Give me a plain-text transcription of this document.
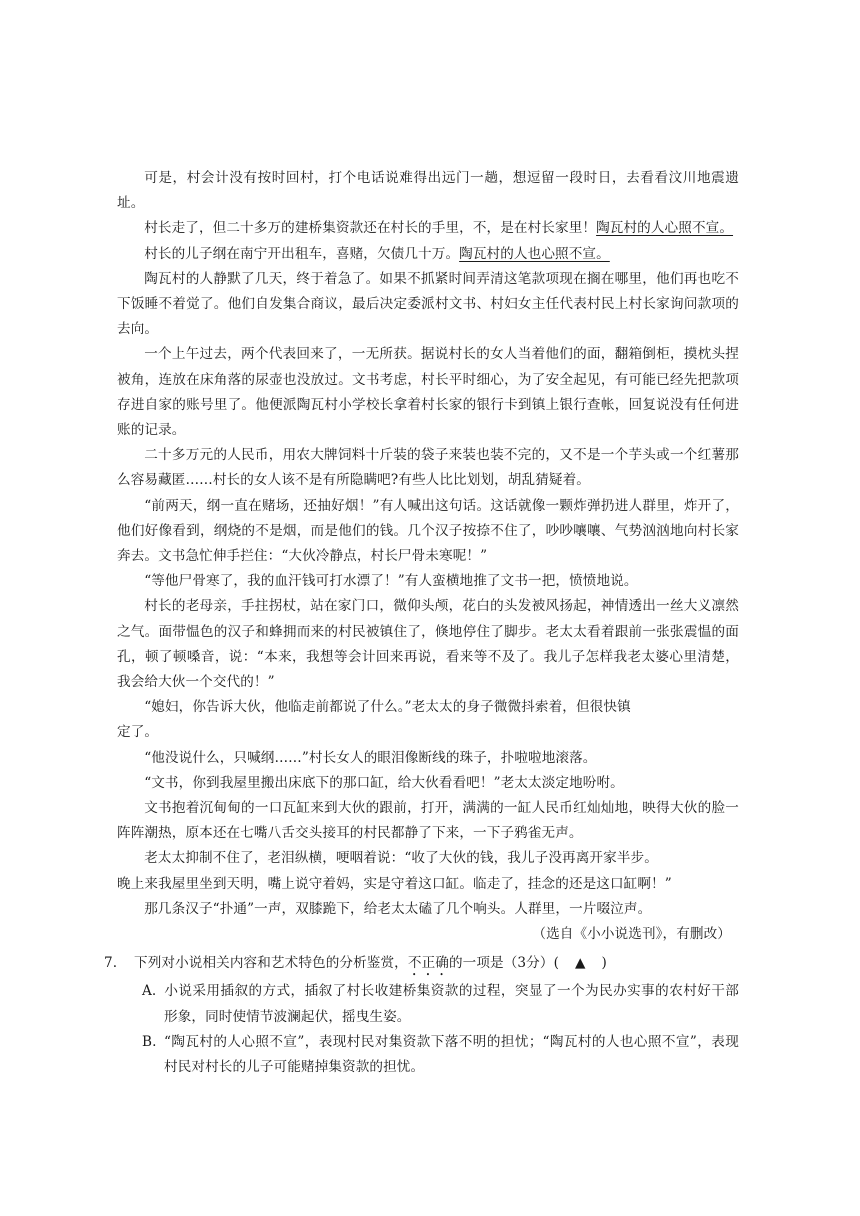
可是，村会计没有按时回村，打个电话说难得出远门一趟，想逗留一段时日，去看看汶川地震遗址。

村长走了，但二十多万的建桥集资款还在村长的手里，不，是在村长家里！陶瓦村的人心照不宣。

村长的儿子纲在南宁开出租车，喜赌，欠债几十万。陶瓦村的人也心照不宣。

陶瓦村的人静默了几天，终于着急了。如果不抓紧时间弄清这笔款项现在搁在哪里，他们再也吃不下饭睡不着觉了。他们自发集合商议，最后决定委派村文书、村妇女主任代表村民上村长家询问款项的去向。

一个上午过去，两个代表回来了，一无所获。据说村长的女人当着他们的面，翻箱倒柜，摸枕头捏被角，连放在床角落的尿壶也没放过。文书考虑，村长平时细心，为了安全起见，有可能已经先把款项存进自家的账号里了。他便派陶瓦村小学校长拿着村长家的银行卡到镇上银行查帐，回复说没有任何进账的记录。

二十多万元的人民币，用农大牌饲料十斤装的袋子来装也装不完的，又不是一个芋头或一个红薯那么容易藏匿……村长的女人该不是有所隐瞒吧?有些人比比划划，胡乱猜疑着。

“前两天，纲一直在赌场，还抽好烟！”有人喊出这句话。这话就像一颗炸弹扔进人群里，炸开了，他们好像看到，纲烧的不是烟，而是他们的钱。几个汉子按捺不住了，吵吵嚷嚷、气势汹汹地向村长家奔去。文书急忙伸手拦住：“大伙冷静点，村长尸骨未寒呢！”

“等他尸骨寒了，我的血汗钱可打水漂了！”有人蛮横地推了文书一把，愤愤地说。

村长的老母亲，手拄拐杖，站在家门口，微仰头颅，花白的头发被风扬起，神情透出一丝大义凛然之气。面带愠色的汉子和蜂拥而来的村民被镇住了，倏地停住了脚步。老太太看着跟前一张张震愠的面孔，顿了顿嗓音，说：“本来，我想等会计回来再说，看来等不及了。我儿子怎样我老太婆心里清楚，我会给大伙一个交代的！”

“媳妇，你告诉大伙，他临走前都说了什么。”老太太的身子微微抖索着，但很快镇

定了。

“他没说什么，只喊纲……”村长女人的眼泪像断线的珠子，扑啦啦地滚落。

“文书，你到我屋里搬出床底下的那口缸，给大伙看看吧！”老太太淡定地吩咐。

文书抱着沉甸甸的一口瓦缸来到大伙的跟前，打开，满满的一缸人民币红灿灿地，映得大伙的脸一阵阵潮热，原本还在七嘴八舌交头接耳的村民都静了下来，一下子鸦雀无声。

老太太抑制不住了，老泪纵横，哽咽着说：“收了大伙的钱，我儿子没再离开家半步。

晚上来我屋里坐到天明，嘴上说守着妈，实是守着这口缸。临走了，挂念的还是这口缸啊！”

那几条汉子“扑通”一声，双膝跪下，给老太太磕了几个响头。人群里，一片啜泣声。

（选自《小小说选刊》，有删改）

7.	下列对小说相关内容和艺术特色的分析鉴赏，不正确的一项是（3分）( ▲ )

A. 小说采用插叙的方式，插叙了村长收建桥集资款的过程，突显了一个为民办实事的农村好干部形象，同时使情节波澜起伏，摇曳生姿。

B. “陶瓦村的人心照不宣”，表现村民对集资款下落不明的担忧；“陶瓦村的人也心照不宣”，表现村民对村长的儿子可能赌掉集资款的担忧。
